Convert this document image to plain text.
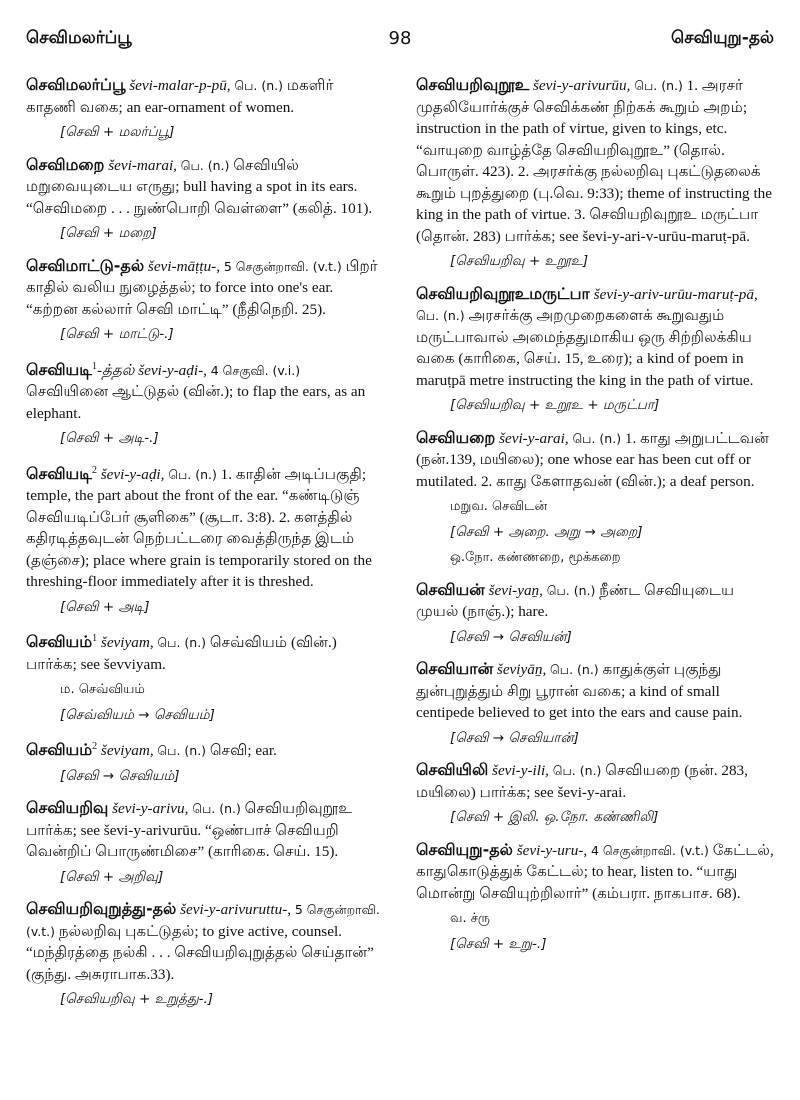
செவிமலர்ப்பூ	98	செவியுறு-தல்
செவிமலர்ப்பூ ševi-malar-p-pū, பெ. (n.) மகளிர் காதணி வகை; an ear-ornament of women.
[செவி + மலர்ப்பூ]
செவிமறை ševi-marai, பெ. (n.) செவியில் மறுவையுடைய எருது; bull having a spot in its ears. “செவிமறை . . . நுண்பொறி வெள்ளை” (கலித். 101).
[செவி + மறை]
செவிமாட்டு-தல் ševi-māṭṭu-, 5 செகுன்றாவி. (v.t.) பிறர் காதில் வலிய நுழைத்தல்; to force into one's ear. “கற்றன கல்லார் செவி மாட்டி” (நீதிநெறி. 25).
[செவி + மாட்டு-.]
செவியடி$^1$-த்தல் ševi-y-aḍi-, 4 செகுவி. (v.i.) செவியினை ஆட்டுதல் (வின்.); to flap the ears, as an elephant.
[செவி + அடி-.]
செவியடி$^2$ ševi-y-aḍi, பெ. (n.) 1. காதின் அடிப்பகுதி; temple, the part about the front of the ear. “கண்டிடுஞ் செவியடிப்பேர் சூளிகை” (சூடா. 3:8). 2. களத்தில் கதிரடித்தவுடன் நெற்பட்டரை வைத்திருந்த இடம் (தஞ்சை); place where grain is temporarily stored on the threshing-floor immediately after it is threshed.
[செவி + அடி]
செவியம்$^1$ ševiyam, பெ. (n.) செவ்வியம் (வின்.) பார்க்க; see ševviyam.
ம. செவ்வியம்
[செவ்வியம் → செவியம்]
செவியம்$^2$ ševiyam, பெ. (n.) செவி; ear.
[செவி → செவியம்]
செவியறிவு ševi-y-arivu, பெ. (n.) செவியறிவுறூஉ பார்க்க; see ševi-y-arivurūu. “ஒண்பாச் செவியறி வென்றிப் பொருண்மிசை” (காரிகை. செய். 15).
[செவி + அறிவு]
செவியறிவுறுத்து-தல் ševi-y-arivuruttu-, 5 செகுன்றாவி. (v.t.) நல்லறிவு புகட்டுதல்; to give active, counsel. “மந்திரத்தை நல்கி . . . செவியறிவுறுத்தல் செய்தான்” (குந்து. அசுராபாக.33).
[செவியறிவு + உறுத்து-.]
செவியறிவுறூஉ ševi-y-arivurūu, பெ. (n.) 1. அரசர் முதலியோர்க்குச் செவிக்கண் நிற்கக் கூறும் அறம்; instruction in the path of virtue, given to kings, etc. “வாயுறை வாழ்த்தே செவியறிவுறூஉ” (தொல். பொருள். 423). 2. அரசர்க்கு நல்லறிவு புகட்டுதலைக் கூறும் புறத்துறை (பு.வெ. 9:33); theme of instructing the king in the path of virtue. 3. செவியறிவுறூஉ மருட்பா (தொன். 283) பார்க்க; see ševi-y-ari-v-urūu-maruṭ-pā.
[செவியறிவு + உறூஉ]
செவியறிவுறூஉமருட்பா ševi-y-ariv-urūu-maruṭ-pā, பெ. (n.) அரசர்க்கு அறமுறைகளைக் கூறுவதும் மருட்பாவால் அமைந்ததுமாகிய ஒரு சிற்றிலக்கிய வகை (காரிகை, செய். 15, உரை); a kind of poem in maruṭpā metre instructing the king in the path of virtue.
[செவியறிவு + உறூஉ + மருட்பா]
செவியறை ševi-y-arai, பெ. (n.) 1. காது அறுபட்டவன் (நன்.139, மயிலை); one whose ear has been cut off or mutilated. 2. காது கேளாதவன் (வின்.); a deaf person.
மறுவ. செவிடன்
[செவி + அறை. அறு → அறை]
ஒ.நோ. கண்ணறை, மூக்கறை
செவியன் ševi-yaṉ, பெ. (n.) நீண்ட செவியுடைய முயல் (நாஞ்.); hare.
[செவி → செவியன்]
செவியான் ševiyāṉ, பெ. (n.) காதுக்குள் புகுந்து துன்புறுத்தும் சிறு பூரான் வகை; a kind of small centipede believed to get into the ears and cause pain.
[செவி → செவியான்]
செவியிலி ševi-y-ili, பெ. (n.) செவியறை (நன். 283, மயிலை) பார்க்க; see ševi-y-arai.
[செவி + இலி. ஒ.நோ. கண்ணிலி]
செவியுறு-தல் ševi-y-uru-, 4 செகுன்றாவி. (v.t.) கேட்டல், காதுகொடுத்துக் கேட்டல்; to hear, listen to. “யாது மொன்று செவியுற்றிலார்” (கம்பரா. நாகபாச. 68).
வ. ச்ரு
[செவி + உறு-.]
